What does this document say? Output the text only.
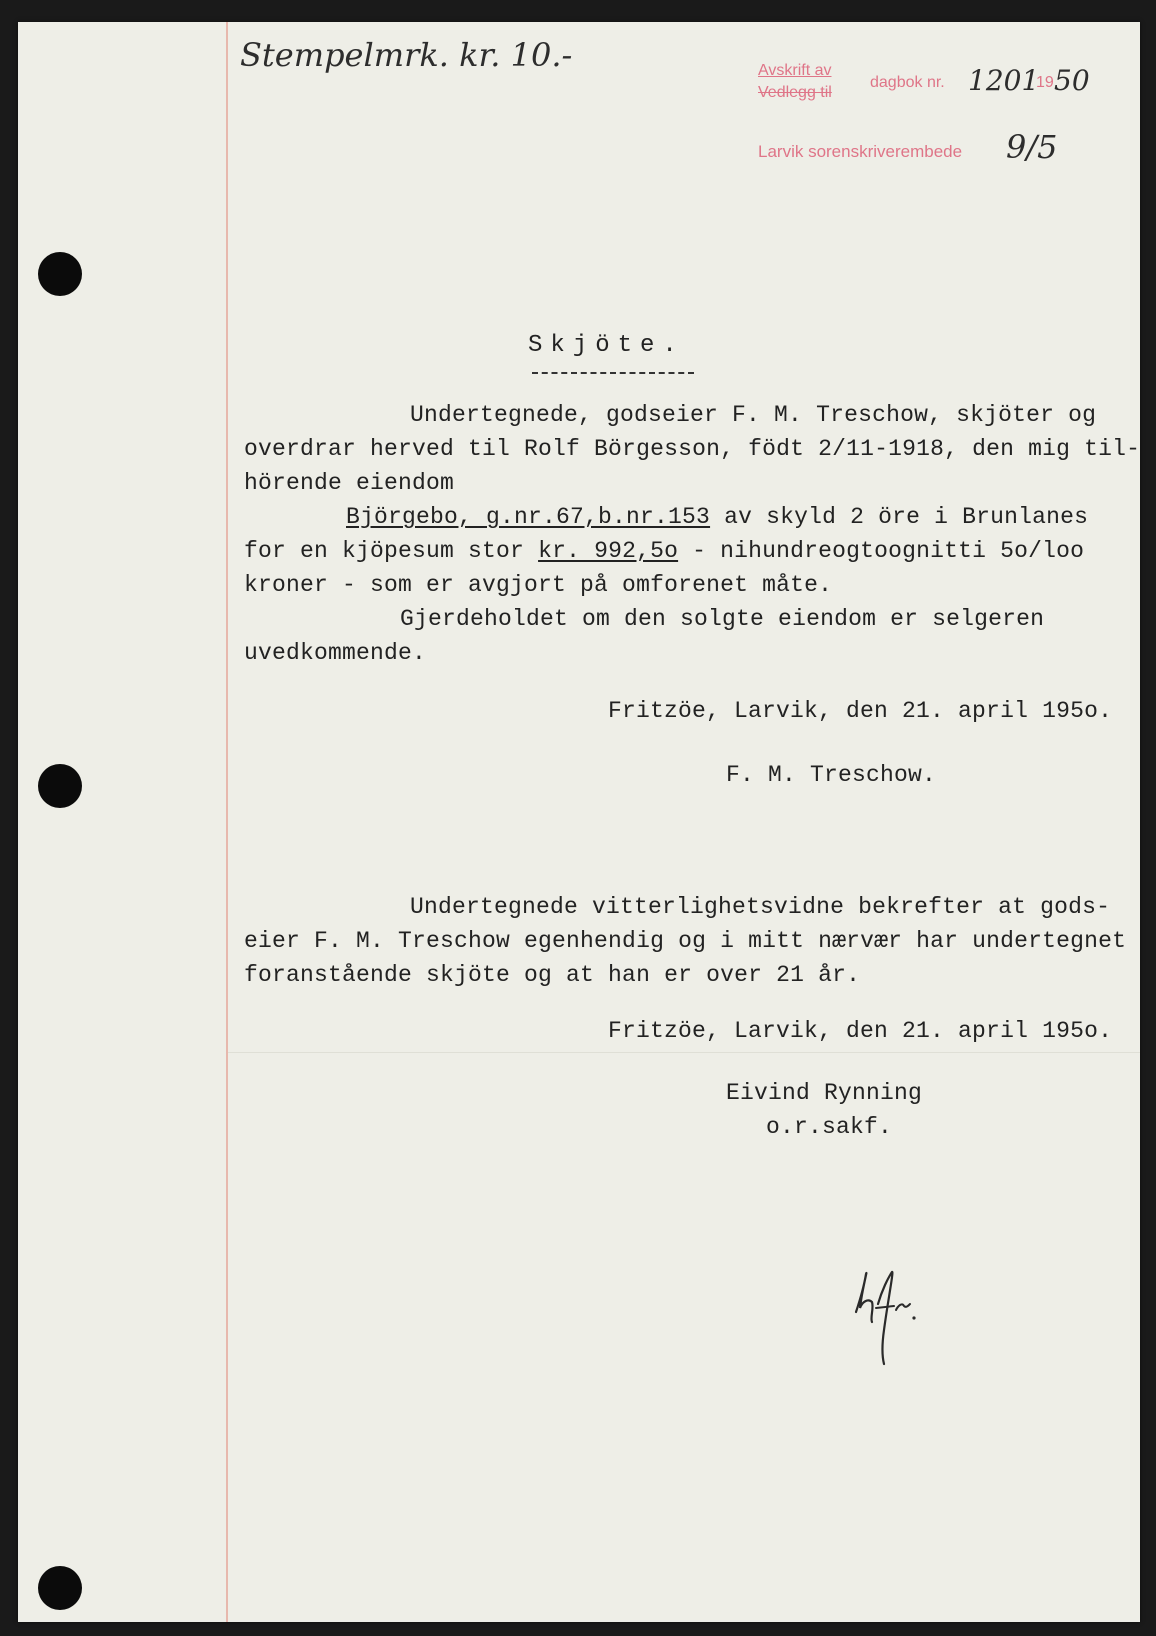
Stempelmrk. kr. 10.-	Avskrift av
Vedlegg til
dagbok nr. 1201
19 50
Larvik sorenskriverembede 9/5
Skjöte.
Undertegnede, godseier F. M. Treschow, skjöter og
overdrar herved til Rolf Börgesson, födt 2/11-1918, den mig til-
hörende eiendom
Björgebo, g.nr.67,b.nr.153 av skyld 2 öre i Brunlanes
for en kjöpesum stor kr. 992,5o - nihundreogtoognitti 5o/loo
kroner - som er avgjort på omforenet måte.
Gjerdeholdet om den solgte eiendom er selgeren
uvedkommende.
Fritzöe, Larvik, den 21. april 195o.
F. M. Treschow.
Undertegnede vitterlighetsvidne bekrefter at gods-
eier F. M. Treschow egenhendig og i mitt nærvær har undertegnet
foranstående skjöte og at han er over 21 år.
Fritzöe, Larvik, den 21. april 195o.
Eivind Rynning
o.r.sakf.
